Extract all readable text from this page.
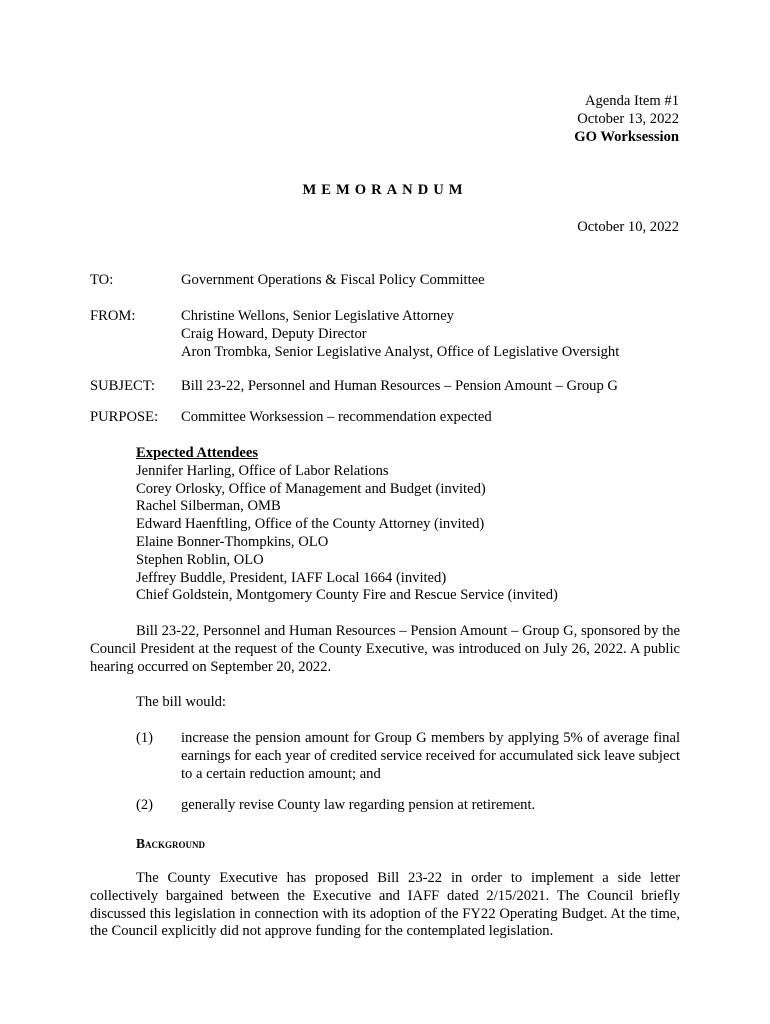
Agenda Item #1
October 13, 2022
GO Worksession
MEMORANDUM
October 10, 2022
TO:	Government Operations & Fiscal Policy Committee
FROM:	Christine Wellons, Senior Legislative Attorney
Craig Howard, Deputy Director
Aron Trombka, Senior Legislative Analyst, Office of Legislative Oversight
SUBJECT:	Bill 23-22, Personnel and Human Resources – Pension Amount – Group G
PURPOSE:	Committee Worksession – recommendation expected
Expected Attendees
Jennifer Harling, Office of Labor Relations
Corey Orlosky, Office of Management and Budget (invited)
Rachel Silberman, OMB
Edward Haenftling, Office of the County Attorney (invited)
Elaine Bonner-Thompkins, OLO
Stephen Roblin, OLO
Jeffrey Buddle, President, IAFF Local 1664 (invited)
Chief Goldstein, Montgomery County Fire and Rescue Service (invited)
Bill 23-22, Personnel and Human Resources – Pension Amount – Group G, sponsored by the Council President at the request of the County Executive, was introduced on July 26, 2022. A public hearing occurred on September 20, 2022.
The bill would:
(1)	increase the pension amount for Group G members by applying 5% of average final earnings for each year of credited service received for accumulated sick leave subject to a certain reduction amount; and
(2)	generally revise County law regarding pension at retirement.
Background
The County Executive has proposed Bill 23-22 in order to implement a side letter collectively bargained between the Executive and IAFF dated 2/15/2021. The Council briefly discussed this legislation in connection with its adoption of the FY22 Operating Budget. At the time, the Council explicitly did not approve funding for the contemplated legislation.
